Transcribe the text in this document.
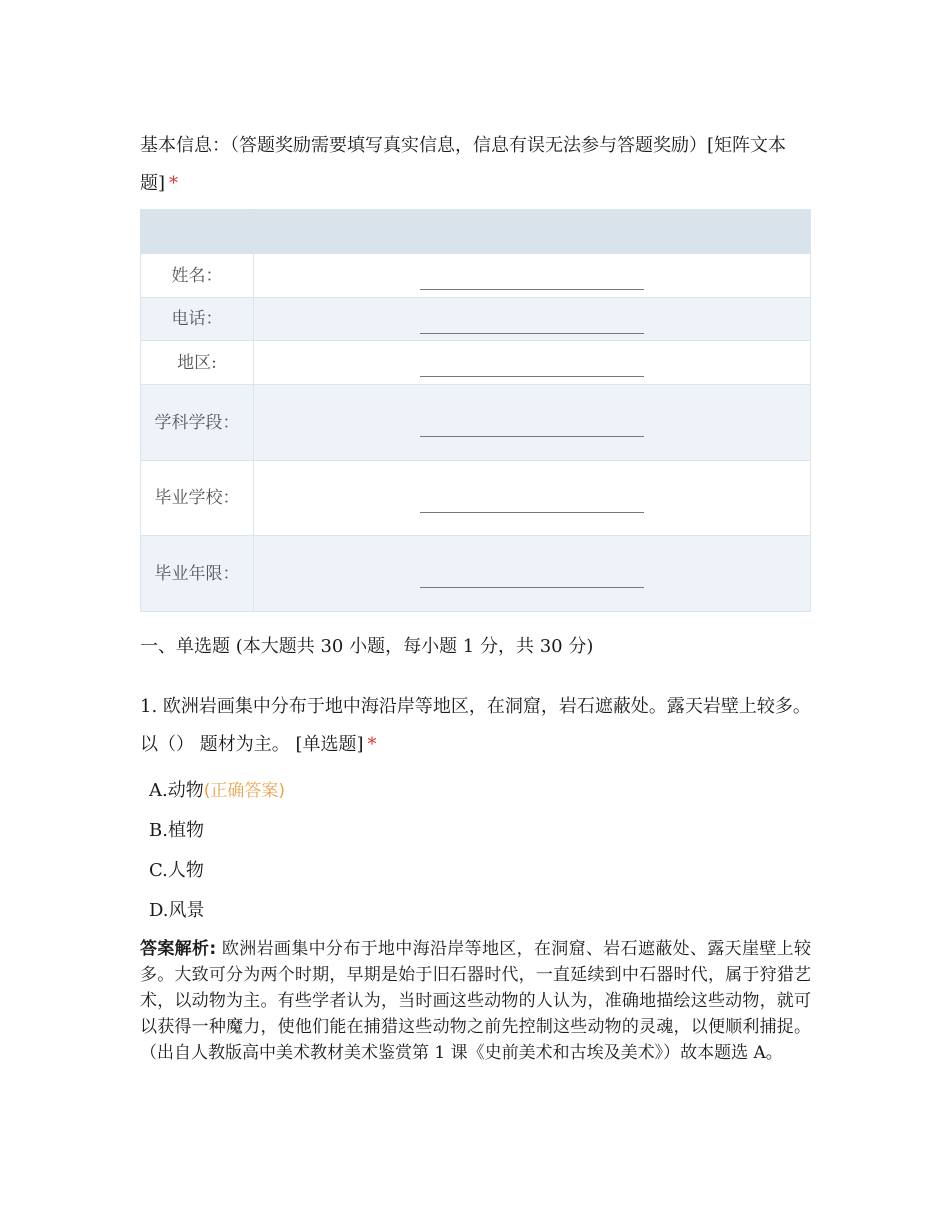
基本信息：（答题奖励需要填写真实信息，信息有误无法参与答题奖励）[矩阵文本题] *

姓名：	
电话：	
地区:	
学科学段：	
毕业学校：	
毕业年限：	
一、单选题 (本大题共 30 小题，每小题 1 分，共 30 分)
1. 欧洲岩画集中分布于地中海沿岸等地区，在洞窟，岩石遮蔽处。露天岩壁上较多。以（） 题材为主。 [单选题] *
A.动物(正确答案)
B.植物
C.人物
D.风景
答案解析: 欧洲岩画集中分布于地中海沿岸等地区，在洞窟、岩石遮蔽处、露天崖壁上较多。大致可分为两个时期，早期是始于旧石器时代，一直延续到中石器时代，属于狩猎艺术，以动物为主。有些学者认为，当时画这些动物的人认为，准确地描绘这些动物，就可以获得一种魔力，使他们能在捕猎这些动物之前先控制这些动物的灵魂，以便顺利捕捉。（出自人教版高中美术教材美术鉴赏第 1 课《史前美术和古埃及美术》）故本题选 A。
